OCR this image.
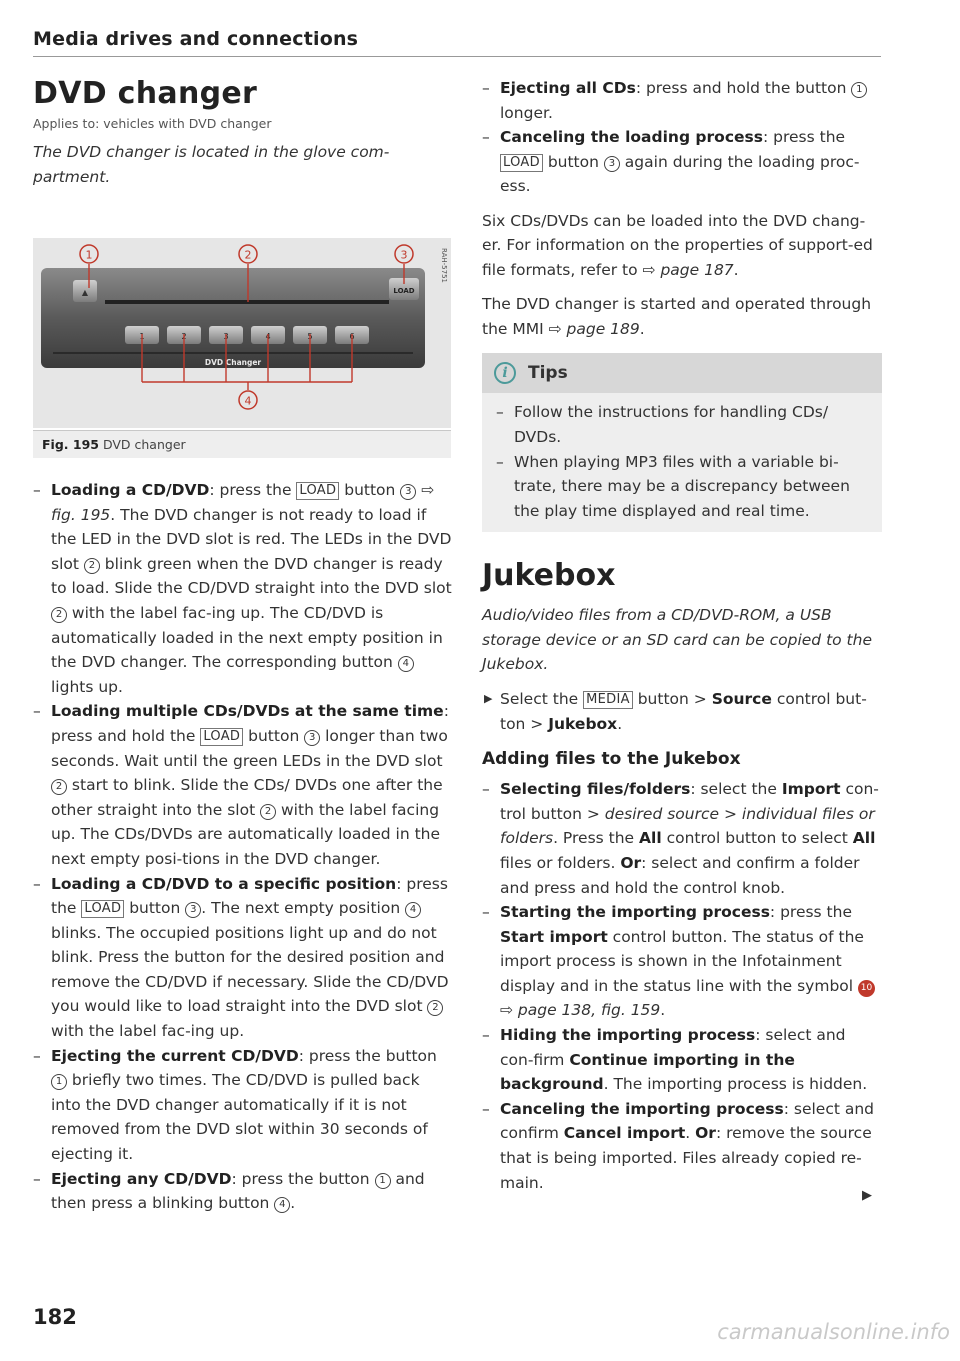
Media drives and connections
DVD changer
Applies to: vehicles with DVD changer

The DVD changer is located in the glove com-partment.

▲	LOAD
1	2	3	4	5	6
DVD Changer
1	2	3
4
RAH-5751
Fig. 195 DVD changer
– Loading a CD/DVD: press the LOAD button 3 ⇨ fig. 195. The DVD changer is not ready to load if the LED in the DVD slot is red. The LEDs in the DVD slot 2 blink green when the DVD changer is ready to load. Slide the CD/DVD straight into the DVD slot 2 with the label fac-ing up. The CD/DVD is automatically loaded in the next empty position in the DVD changer. The corresponding button 4 lights up.
– Loading multiple CDs/DVDs at the same time: press and hold the LOAD button 3 longer than two seconds. Wait until the green LEDs in the DVD slot 2 start to blink. Slide the CDs/ DVDs one after the other straight into the slot 2 with the label facing up. The CDs/DVDs are automatically loaded in the next empty posi-tions in the DVD changer.
– Loading a CD/DVD to a specific position: press the LOAD button 3 . The next empty position 4 blinks. The occupied positions light up and do not blink. Press the button for the desired position and remove the CD/DVD if necessary. Slide the CD/DVD you would like to load straight into the DVD slot 2 with the label fac-ing up.
– Ejecting the current CD/DVD: press the button 1 briefly two times. The CD/DVD is pulled back into the DVD changer automatically if it is not removed from the DVD slot within 30 seconds of ejecting it.
– Ejecting any CD/DVD: press the button 1 and then press a blinking button 4 .
– Ejecting all CDs: press and hold the button 1 longer.
– Canceling the loading process: press the LOAD button 3 again during the loading proc-ess.

Six CDs/DVDs can be loaded into the DVD chang-er. For information on the properties of support-ed file formats, refer to ⇨ page 187.

The DVD changer is started and operated through the MMI ⇨ page 189.

i	Tips
– Follow the instructions for handling CDs/ DVDs.
– When playing MP3 files with a variable bi-trate, there may be a discrepancy between the play time displayed and real time.
Jukebox

Audio/video files from a CD/DVD-ROM, a USB storage device or an SD card can be copied to the Jukebox.

▶ Select the MEDIA button > Source control but-ton > Jukebox.
Adding files to the Jukebox
– Selecting files/folders: select the Import con-trol button > desired source > individual files or folders. Press the All control button to select All files or folders. Or: select and confirm a folder and press and hold the control knob.
– Starting the importing process: press the Start import control button. The status of the import process is shown in the Infotainment display and in the status line with the symbol 10 ⇨ page 138, fig. 159.
– Hiding the importing process: select and con-firm Continue importing in the background. The importing process is hidden.
– Canceling the importing process: select and confirm Cancel import. Or: remove the source that is being imported. Files already copied re-main.
▶
182
carmanualsonline.info
